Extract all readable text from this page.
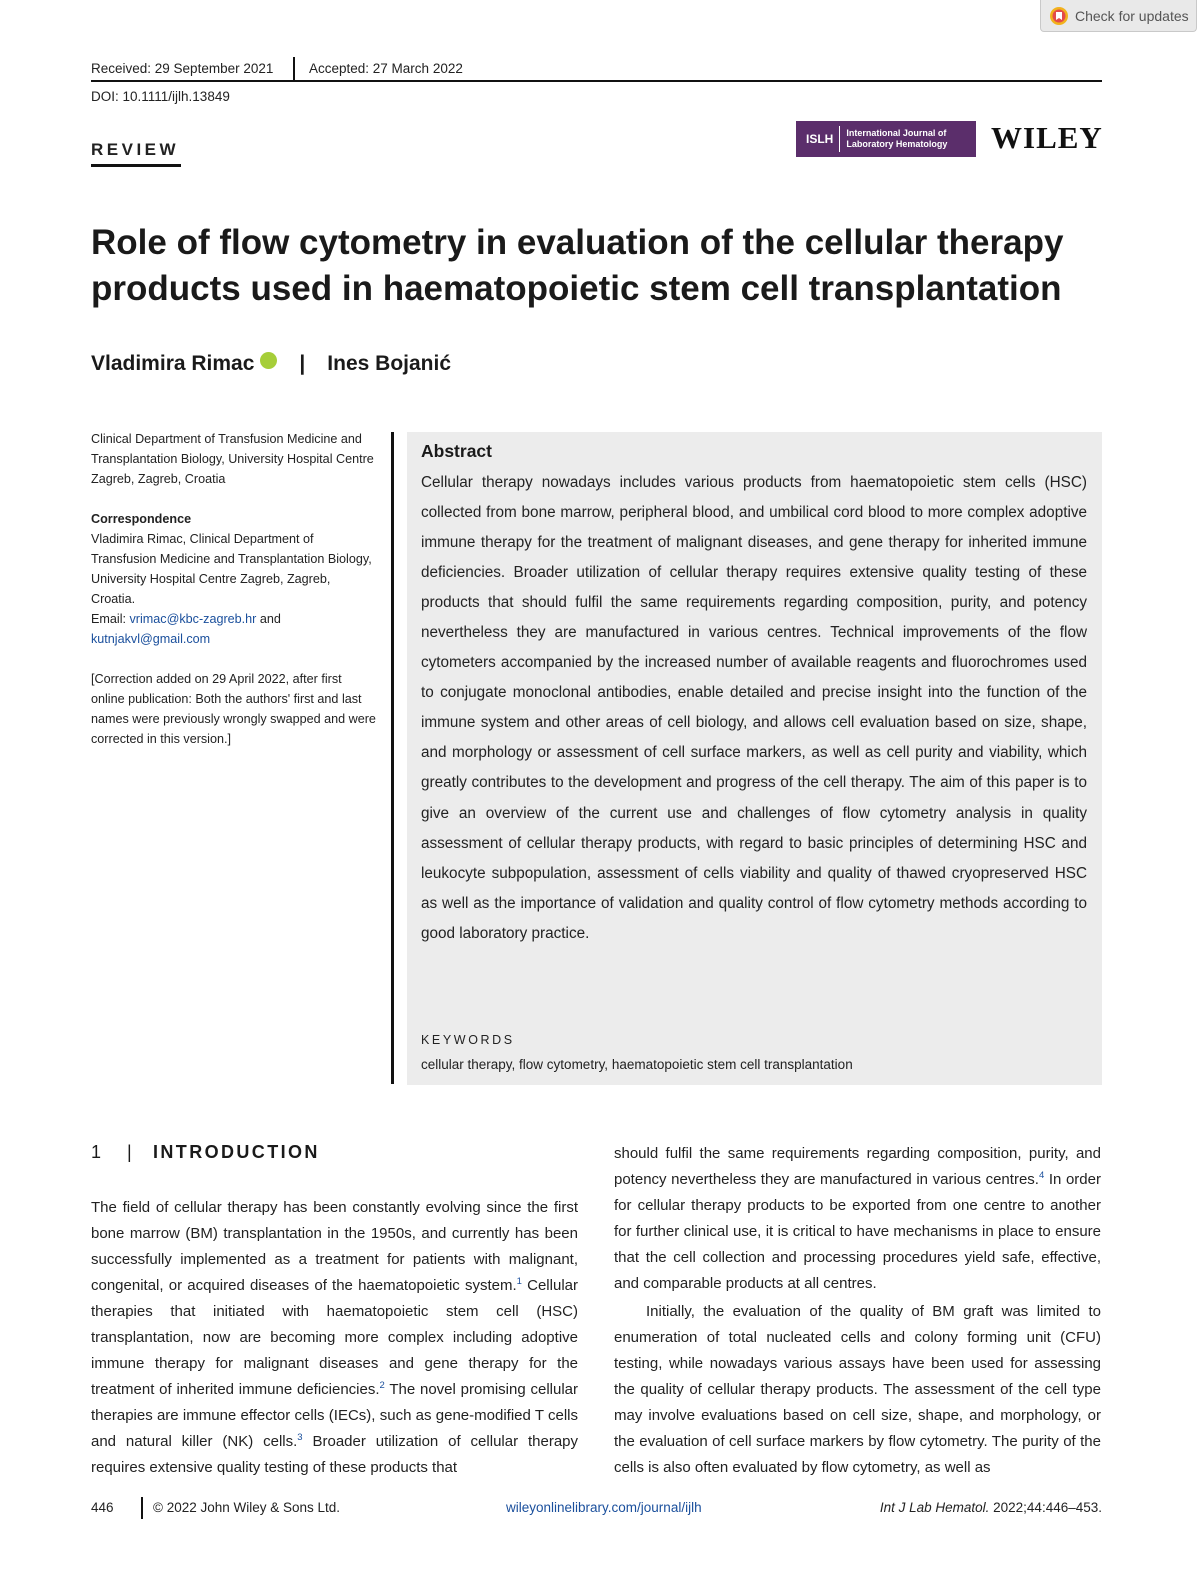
Check for updates
Received: 29 September 2021	Accepted: 27 March 2022
DOI: 10.1111/ijlh.13849
REVIEW
ISLH	International Journal of
Laboratory Hematology WILEY
Role of flow cytometry in evaluation of the cellular therapy products used in haematopoietic stem cell transplantation
Vladimira Rimac | Ines Bojanić
Clinical Department of Transfusion Medicine and Transplantation Biology, University Hospital Centre Zagreb, Zagreb, Croatia
Correspondence
Vladimira Rimac, Clinical Department of Transfusion Medicine and Transplantation Biology, University Hospital Centre Zagreb, Zagreb, Croatia.
Email: vrimac@kbc-zagreb.hr and kutnjakvl@gmail.com
[Correction added on 29 April 2022, after first online publication: Both the authors' first and last names were previously wrongly swapped and were corrected in this version.]
Abstract

Cellular therapy nowadays includes various products from haematopoietic stem cells (HSC) collected from bone marrow, peripheral blood, and umbilical cord blood to more complex adoptive immune therapy for the treatment of malignant diseases, and gene therapy for inherited immune deficiencies. Broader utilization of cellular therapy requires extensive quality testing of these products that should fulfil the same requirements regarding composition, purity, and potency nevertheless they are manufactured in various centres. Technical improvements of the flow cytometers accompanied by the increased number of available reagents and fluorochromes used to conjugate monoclonal antibodies, enable detailed and precise insight into the function of the immune system and other areas of cell biology, and allows cell evaluation based on size, shape, and morphology or assessment of cell surface markers, as well as cell purity and viability, which greatly contributes to the development and progress of the cell therapy. The aim of this paper is to give an overview of the current use and challenges of flow cytometry analysis in quality assessment of cellular therapy products, with regard to basic principles of determining HSC and leukocyte subpopulation, assessment of cells viability and quality of thawed cryopreserved HSC as well as the importance of validation and quality control of flow cytometry methods according to good laboratory practice.

KEYWORDS
cellular therapy, flow cytometry, haematopoietic stem cell transplantation
1	|	INTRODUCTION

The field of cellular therapy has been constantly evolving since the first bone marrow (BM) transplantation in the 1950s, and currently has been successfully implemented as a treatment for patients with malignant, congenital, or acquired diseases of the haematopoietic system.$^1$ Cellular therapies that initiated with haematopoietic stem cell (HSC) transplantation, now are becoming more complex including adoptive immune therapy for malignant diseases and gene therapy for the treatment of inherited immune deficiencies.$^2$ The novel promising cellular therapies are immune effector cells (IECs), such as gene-modified T cells and natural killer (NK) cells.$^3$ Broader utilization of cellular therapy requires extensive quality testing of these products that

should fulfil the same requirements regarding composition, purity, and potency nevertheless they are manufactured in various centres.$^4$ In order for cellular therapy products to be exported from one centre to another for further clinical use, it is critical to have mechanisms in place to ensure that the cell collection and processing procedures yield safe, effective, and comparable products at all centres.

Initially, the evaluation of the quality of BM graft was limited to enumeration of total nucleated cells and colony forming unit (CFU) testing, while nowadays various assays have been used for assessing the quality of cellular therapy products. The assessment of the cell type may involve evaluations based on cell size, shape, and morphology, or the evaluation of cell surface markers by flow cytometry. The purity of the cells is also often evaluated by flow cytometry, as well as

446	© 2022 John Wiley & Sons Ltd.	wileyonlinelibrary.com/journal/ijlh	Int J Lab Hematol. 2022;44:446–453.
